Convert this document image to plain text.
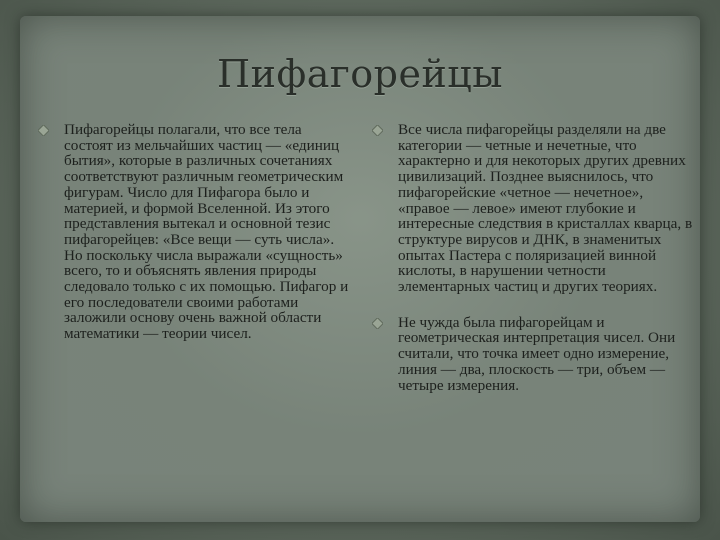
Пифагорейцы
Пифагорейцы полагали, что все тела состоят из мельчайших частиц — «единиц бытия», которые в различных сочетаниях соответствуют различным геометрическим фигурам. Число для Пифагора было и материей, и формой Вселенной. Из этого представления вытекал и основной тезис пифагорейцев: «Все вещи — суть числа». Но поскольку числа выражали «сущность» всего, то и объяснять явления природы следовало только с их помощью. Пифагор и его последователи своими работами заложили основу очень важной области математики — теории чисел.
Все числа пифагорейцы разделяли на две категории — четные и нечетные, что характерно и для некоторых других древних цивилизаций. Позднее выяснилось, что пифагорейские «четное — нечетное», «правое — левое» имеют глубокие и интересные следствия в кристаллах кварца, в структуре вирусов и ДНК, в знаменитых опытах Пастера с поляризацией винной кислоты, в нарушении четности элементарных частиц и других теориях.
Не чужда была пифагорейцам и геометрическая интерпретация чисел. Они считали, что точка имеет одно измерение, линия — два, плоскость — три, объем — четыре измерения.
